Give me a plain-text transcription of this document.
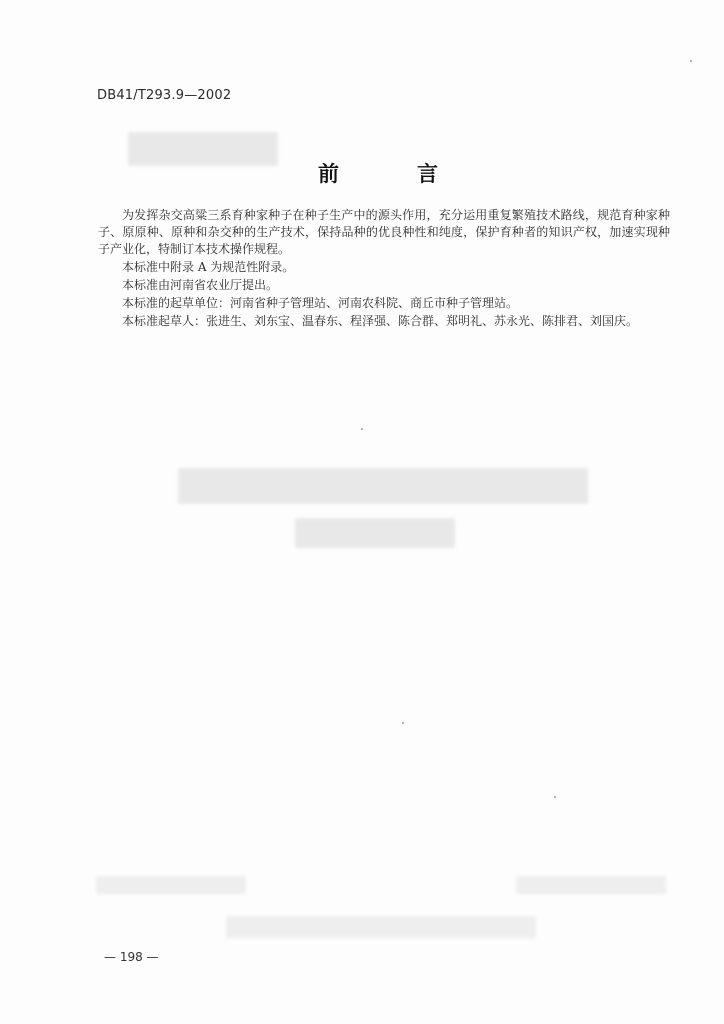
DB41/T293.9—2002
前	言

为发挥杂交高粱三系育种家种子在种子生产中的源头作用，充分运用重复繁殖技术路线，规范育种家种子、原原种、原种和杂交种的生产技术，保持品种的优良种性和纯度，保护育种者的知识产权，加速实现种子产业化，特制订本技术操作规程。

本标准中附录 A 为规范性附录。

本标准由河南省农业厅提出。

本标准的起草单位：河南省种子管理站、河南农科院、商丘市种子管理站。

本标准起草人：张进生、刘东宝、温春东、程泽强、陈合群、郑明礼、苏永光、陈排君、刘国庆。

— 198 —
